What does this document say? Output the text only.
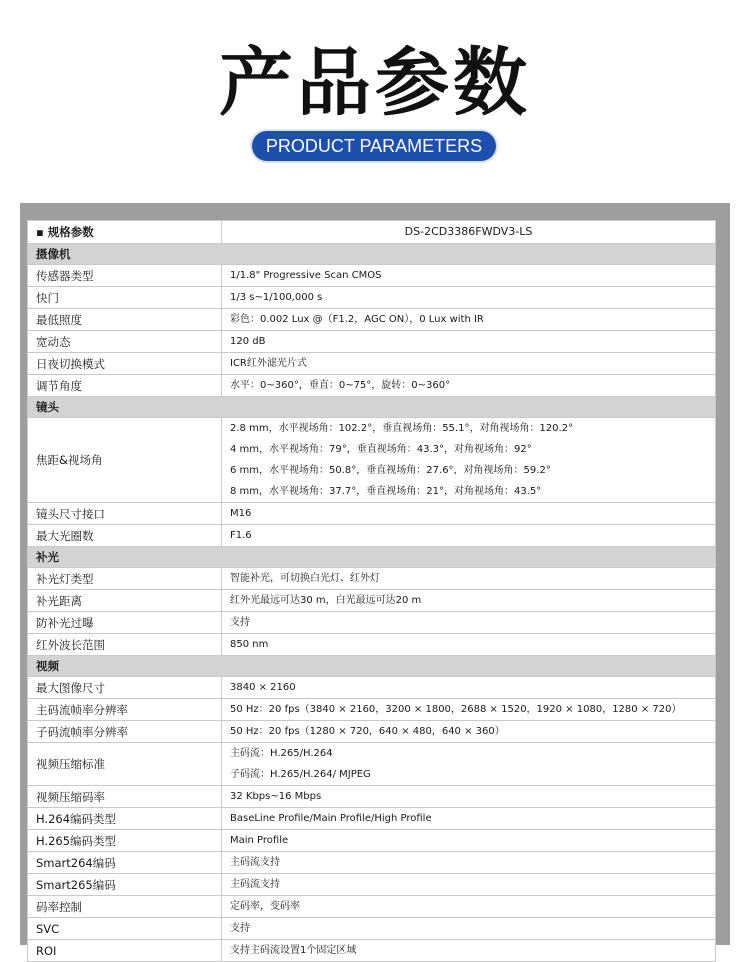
产品参数
PRODUCT PARAMETERS
▪ 规格参数	DS-2CD3386FWDV3-LS
摄像机	
传感器类型	1/1.8" Progressive Scan CMOS

快门	1/3 s~1/100,000 s

最低照度	彩色：0.002 Lux @（F1.2，AGC ON），0 Lux with IR

宽动态	120 dB

日夜切换模式	ICR红外滤光片式

调节角度	水平：0~360°，垂直：0~75°，旋转：0~360°

镜头	
焦距&视场角	2.8 mm，水平视场角：102.2°，垂直视场角：55.1°，对角视场角：120.2°
4 mm，水平视场角：79°，垂直视场角：43.3°，对角视场角：92°
6 mm，水平视场角：50.8°，垂直视场角：27.6°，对角视场角：59.2°
8 mm，水平视场角：37.7°，垂直视场角：21°，对角视场角：43.5°

镜头尺寸接口	M16

最大光圈数	F1.6

补光	
补光灯类型	智能补光，可切换白光灯、红外灯

补光距离	红外光最远可达30 m，白光最远可达20 m

防补光过曝	支持

红外波长范围	850 nm

视频	
最大图像尺寸	3840 × 2160

主码流帧率分辨率	50 Hz：20 fps（3840 × 2160，3200 × 1800，2688 × 1520，1920 × 1080，1280 × 720）

子码流帧率分辨率	50 Hz：20 fps（1280 × 720，640 × 480，640 × 360）

视频压缩标准	主码流：H.265/H.264
子码流：H.265/H.264/ MJPEG

视频压缩码率	32 Kbps~16 Mbps

H.264编码类型	BaseLine Profile/Main Profile/High Profile

H.265编码类型	Main Profile

Smart264编码	主码流支持

Smart265编码	主码流支持

码率控制	定码率，变码率

SVC	支持

ROI	支持主码流设置1个固定区域
